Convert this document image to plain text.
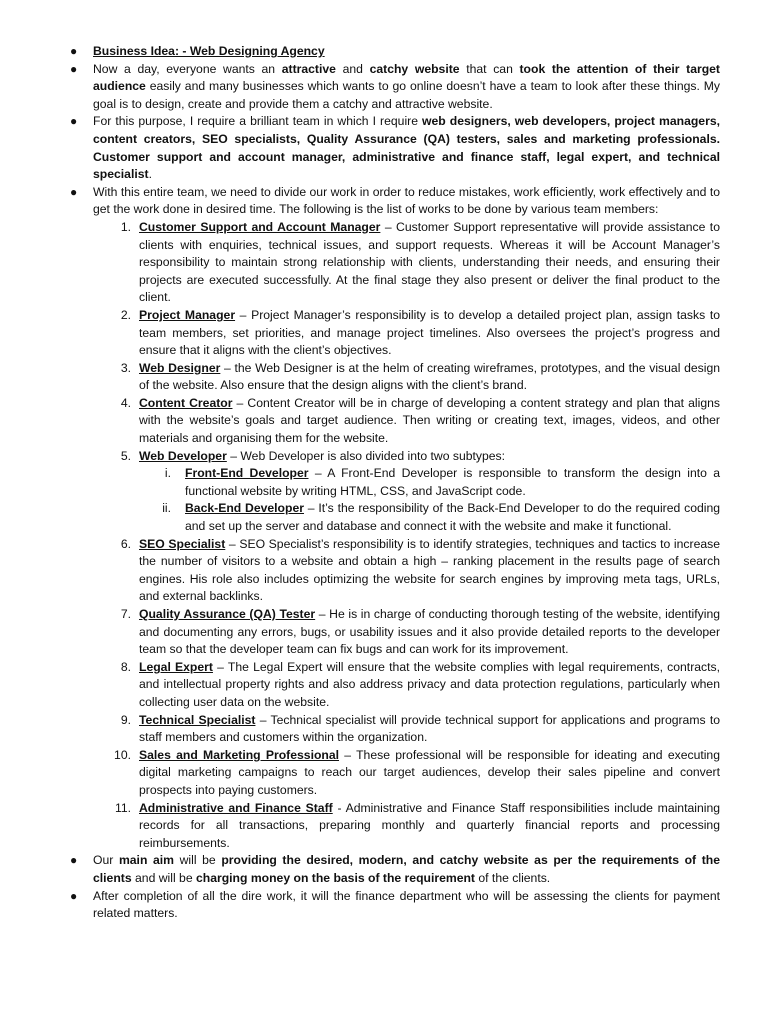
● Business Idea: - Web Designing Agency
● Now a day, everyone wants an attractive and catchy website that can took the attention of their target audience easily and many businesses which wants to go online doesn’t have a team to look after these things. My goal is to design, create and provide them a catchy and attractive website.
● For this purpose, I require a brilliant team in which I require web designers, web developers, project managers, content creators, SEO specialists, Quality Assurance (QA) testers, sales and marketing professionals. Customer support and account manager, administrative and finance staff, legal expert, and technical specialist.
● With this entire team, we need to divide our work in order to reduce mistakes, work efficiently, work effectively and to get the work done in desired time. The following is the list of works to be done by various team members:
1. Customer Support and Account Manager – Customer Support representative will provide assistance to clients with enquiries, technical issues, and support requests. Whereas it will be Account Manager’s responsibility to maintain strong relationship with clients, understanding their needs, and ensuring their projects are executed successfully. At the final stage they also present or deliver the final product to the client.
2. Project Manager – Project Manager’s responsibility is to develop a detailed project plan, assign tasks to team members, set priorities, and manage project timelines. Also oversees the project’s progress and ensure that it aligns with the client’s objectives.
3. Web Designer – the Web Designer is at the helm of creating wireframes, prototypes, and the visual design of the website. Also ensure that the design aligns with the client’s brand.
4. Content Creator – Content Creator will be in charge of developing a content strategy and plan that aligns with the website’s goals and target audience. Then writing or creating text, images, videos, and other materials and organising them for the website.
5. Web Developer – Web Developer is also divided into two subtypes:
i. Front-End Developer – A Front-End Developer is responsible to transform the design into a functional website by writing HTML, CSS, and JavaScript code.
ii. Back-End Developer – It’s the responsibility of the Back-End Developer to do the required coding and set up the server and database and connect it with the website and make it functional.
6. SEO Specialist – SEO Specialist’s responsibility is to identify strategies, techniques and tactics to increase the number of visitors to a website and obtain a high – ranking placement in the results page of search engines. His role also includes optimizing the website for search engines by improving meta tags, URLs, and external backlinks.
7. Quality Assurance (QA) Tester – He is in charge of conducting thorough testing of the website, identifying and documenting any errors, bugs, or usability issues and it also provide detailed reports to the developer team so that the developer team can fix bugs and can work for its improvement.
8. Legal Expert – The Legal Expert will ensure that the website complies with legal requirements, contracts, and intellectual property rights and also address privacy and data protection regulations, particularly when collecting user data on the website.
9. Technical Specialist – Technical specialist will provide technical support for applications and programs to staff members and customers within the organization.
10. Sales and Marketing Professional – These professional will be responsible for ideating and executing digital marketing campaigns to reach our target audiences, develop their sales pipeline and convert prospects into paying customers.
11. Administrative and Finance Staff - Administrative and Finance Staff responsibilities include maintaining records for all transactions, preparing monthly and quarterly financial reports and processing reimbursements.
● Our main aim will be providing the desired, modern, and catchy website as per the requirements of the clients and will be charging money on the basis of the requirement of the clients.
● After completion of all the dire work, it will the finance department who will be assessing the clients for payment related matters.
